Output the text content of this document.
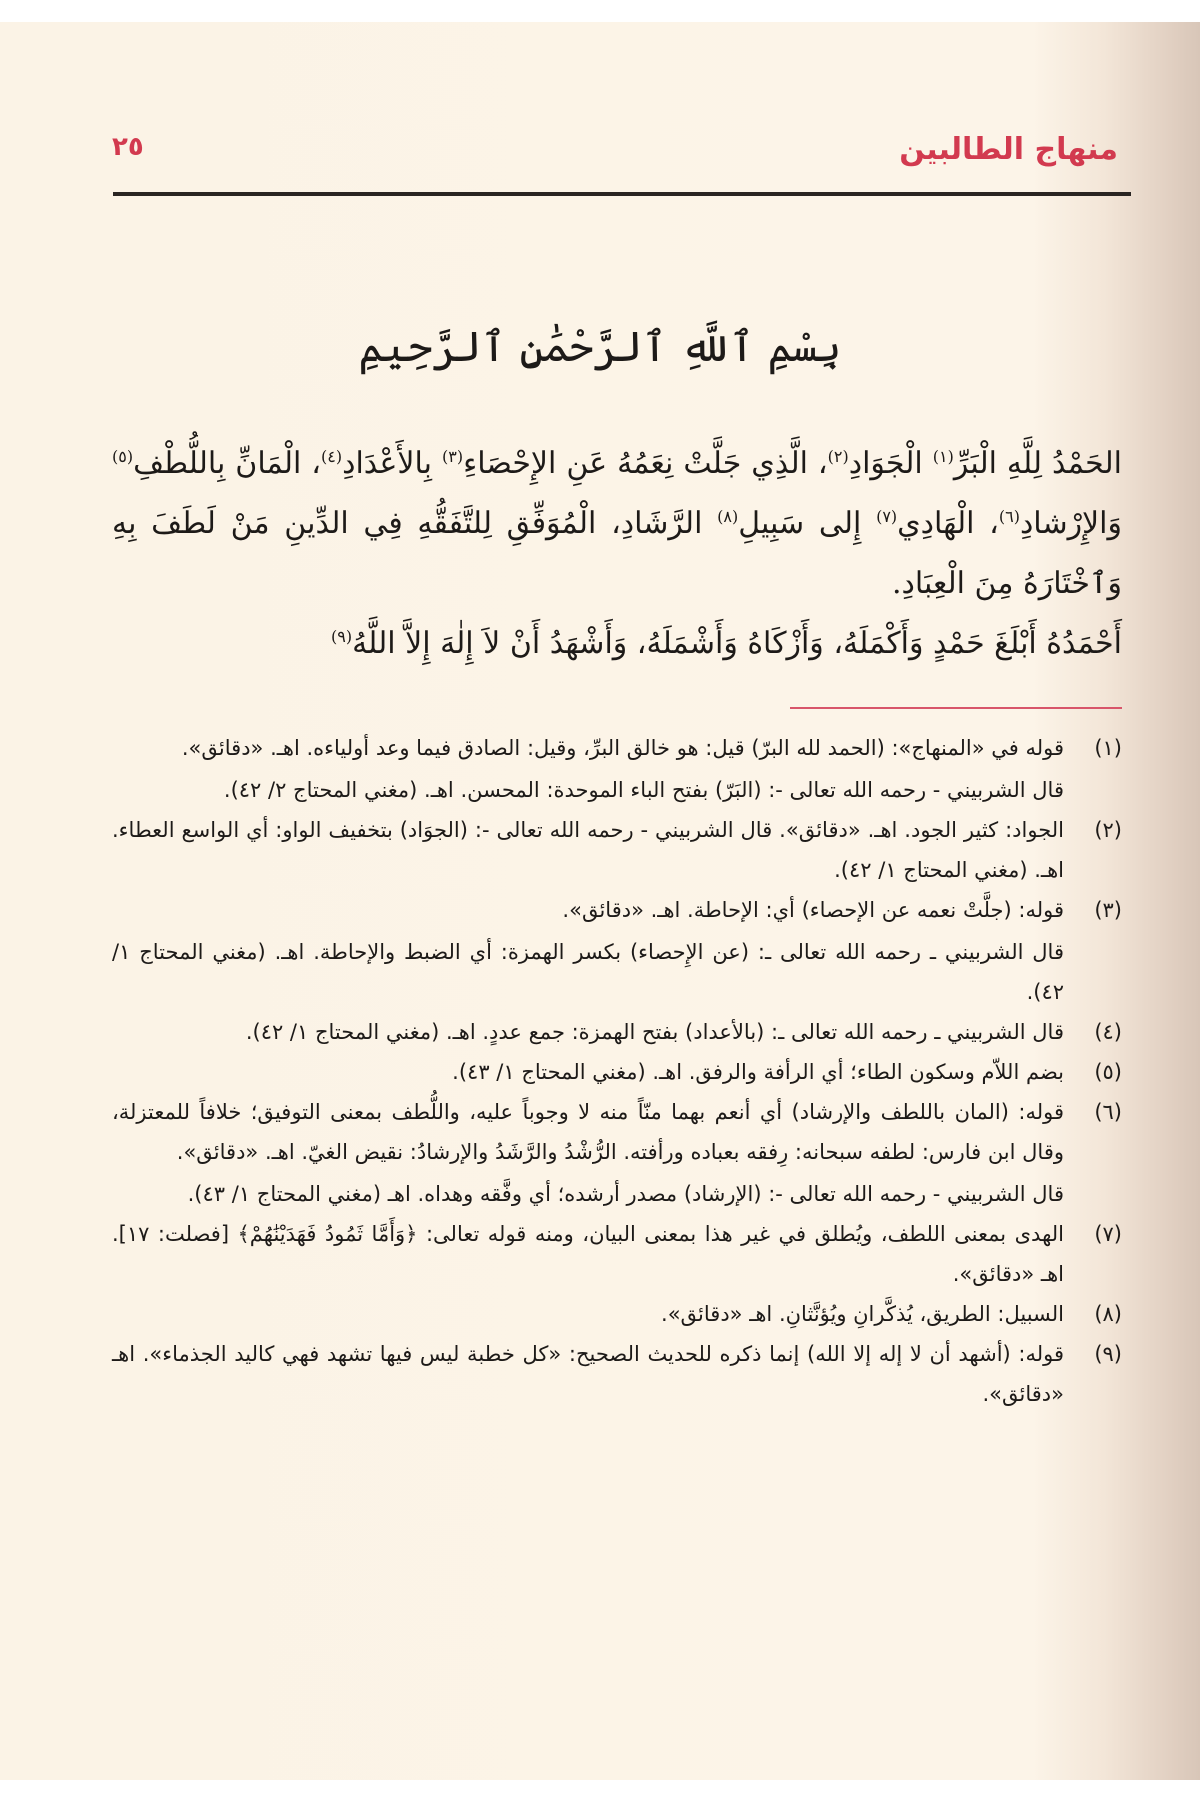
منهاج الطالبين
٢٥
بِسْمِ ٱللَّهِ ٱلرَّحْمَٰنِ ٱلرَّحِيمِ

الحَمْدُ لِلَّهِ الْبَرِّ$^{(١)}$ الْجَوَادِ$^{(٢)}$، الَّذِي جَلَّتْ نِعَمُهُ عَنِ الإِحْصَاءِ$^{(٣)}$ بِالأَعْدَادِ$^{(٤)}$، الْمَانِّ بِاللُّطْفِ$^{(٥)}$ وَالإِرْشادِ$^{(٦)}$، الْهَادِي$^{(٧)}$ إِلى سَبِيلِ$^{(٨)}$ الرَّشَادِ، الْمُوَفِّقِ لِلتَّفَقُّهِ فِي الدِّينِ مَنْ لَطَفَ بِهِ وَٱخْتَارَهُ مِنَ الْعِبَادِ.

أَحْمَدُهُ أَبْلَغَ حَمْدٍ وَأَكْمَلَهُ، وَأَزْكَاهُ وَأَشْمَلَهُ، وَأَشْهَدُ أَنْ لاَ إِلٰهَ إِلاَّ اللَّهُ$^{(٩)}$

(١)
قوله في «المنهاج»: (الحمد لله البرّ) قيل: هو خالق البرِّ، وقيل: الصادق فيما وعد أولياءه. اهـ. «دقائق».
قال الشربيني - رحمه الله تعالى -: (البَرّ) بفتح الباء الموحدة: المحسن. اهـ. (مغني المحتاج ٢/ ٤٢).
(٢)
الجواد: كثير الجود. اهـ. «دقائق». قال الشربيني - رحمه الله تعالى -: (الجوَاد) بتخفيف الواو: أي الواسع العطاء. اهـ. (مغني المحتاج ١/ ٤٢).
(٣)
قوله: (جلَّتْ نعمه عن الإحصاء) أي: الإحاطة. اهـ. «دقائق».
قال الشربيني ـ رحمه الله تعالى ـ: (عن الإِحصاء) بكسر الهمزة: أي الضبط والإحاطة. اهـ. (مغني المحتاج ١/ ٤٢).
(٤)
قال الشربيني ـ رحمه الله تعالى ـ: (بالأعداد) بفتح الهمزة: جمع عددٍ. اهـ. (مغني المحتاج ١/ ٤٢).
(٥)
بضم اللاّم وسكون الطاء؛ أي الرأفة والرفق. اهـ. (مغني المحتاج ١/ ٤٣).
(٦)
قوله: (المان باللطف والإرشاد) أي أنعم بهما منّاً منه لا وجوباً عليه، واللُّطف بمعنى التوفيق؛ خلافاً للمعتزلة، وقال ابن فارس: لطفه سبحانه: رِفقه بعباده ورأفته. الرُّشْدُ والرَّشَدُ والإرشادُ: نقيض الغيّ. اهـ. «دقائق».
قال الشربيني - رحمه الله تعالى -: (الإرشاد) مصدر أرشده؛ أي وفَّقه وهداه. اهـ (مغني المحتاج ١/ ٤٣).
(٧)
الهدى بمعنى اللطف، ويُطلق في غير هذا بمعنى البيان، ومنه قوله تعالى: ﴿وَأَمَّا ثَمُودُ فَهَدَيْنَٰهُمْ﴾ [فصلت: ١٧]. اهـ «دقائق».
(٨)
السبيل: الطريق، يُذكَّرانِ ويُؤنَّثانِ. اهـ «دقائق».
(٩)
قوله: (أشهد أن لا إله إلا الله) إنما ذكره للحديث الصحيح: «كل خطبة ليس فيها تشهد فهي كاليد الجذماء». اهـ «دقائق».
